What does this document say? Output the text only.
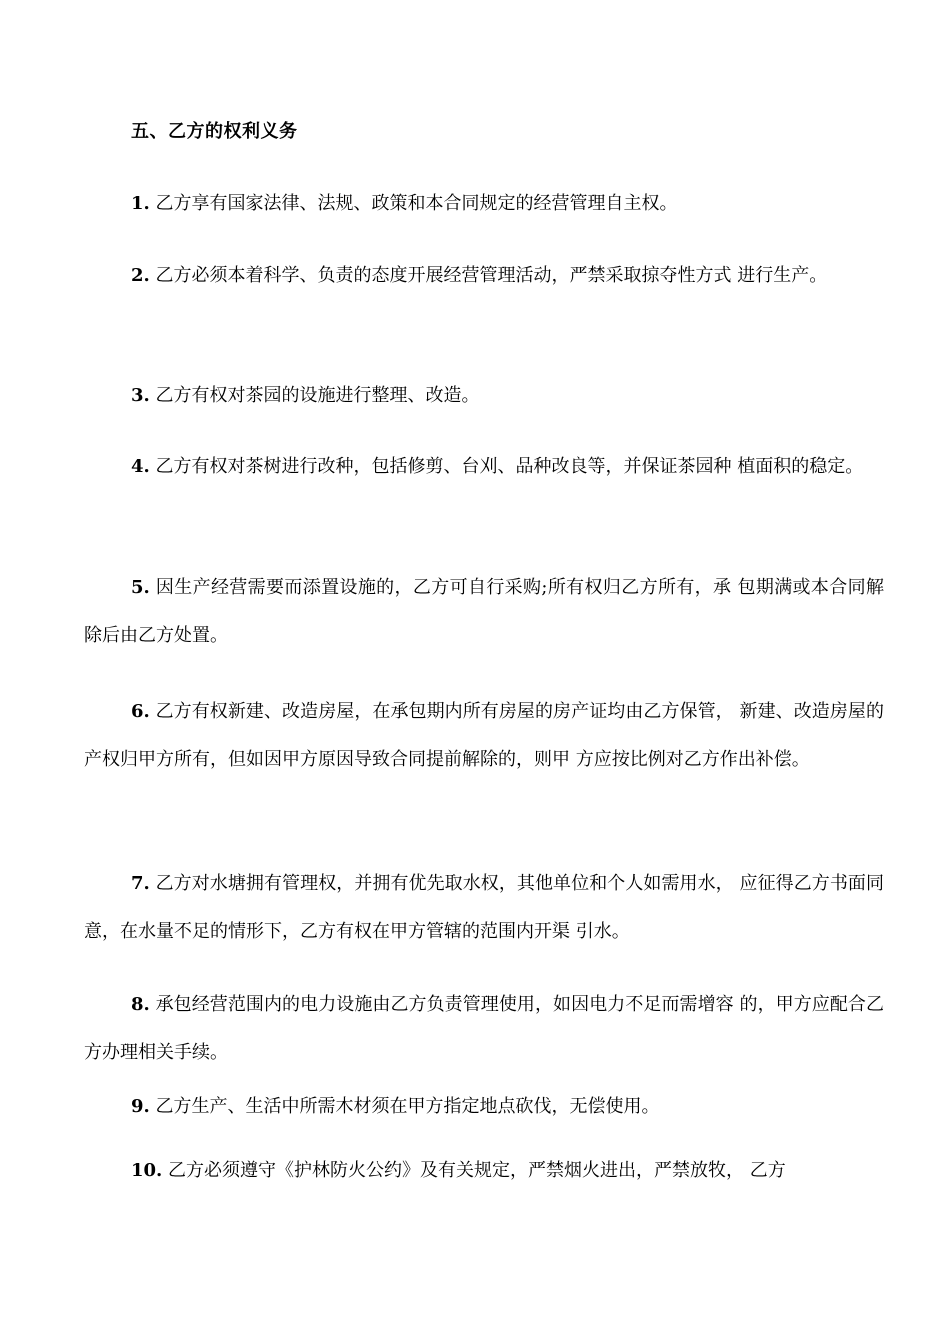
五、乙方的权利义务

1. 乙方享有国家法律、法规、政策和本合同规定的经营管理自主权。

2. 乙方必须本着科学、负责的态度开展经营管理活动，严禁采取掠夺性方式 进行生产。

3. 乙方有权对茶园的设施进行整理、改造。

4. 乙方有权对茶树进行改种，包括修剪、台刈、品种改良等，并保证茶园种 植面积的稳定。

5. 因生产经营需要而添置设施的，乙方可自行采购;所有权归乙方所有，承 包期满或本合同解除后由乙方处置。

6. 乙方有权新建、改造房屋，在承包期内所有房屋的房产证均由乙方保管， 新建、改造房屋的产权归甲方所有，但如因甲方原因导致合同提前解除的，则甲 方应按比例对乙方作出补偿。

7. 乙方对水塘拥有管理权，并拥有优先取水权，其他单位和个人如需用水， 应征得乙方书面同意，在水量不足的情形下，乙方有权在甲方管辖的范围内开渠 引水。

8. 承包经营范围内的电力设施由乙方负责管理使用，如因电力不足而需增容 的，甲方应配合乙方办理相关手续。

9. 乙方生产、生活中所需木材须在甲方指定地点砍伐，无偿使用。

10. 乙方必须遵守《护林防火公约》及有关规定，严禁烟火进出，严禁放牧， 乙方
